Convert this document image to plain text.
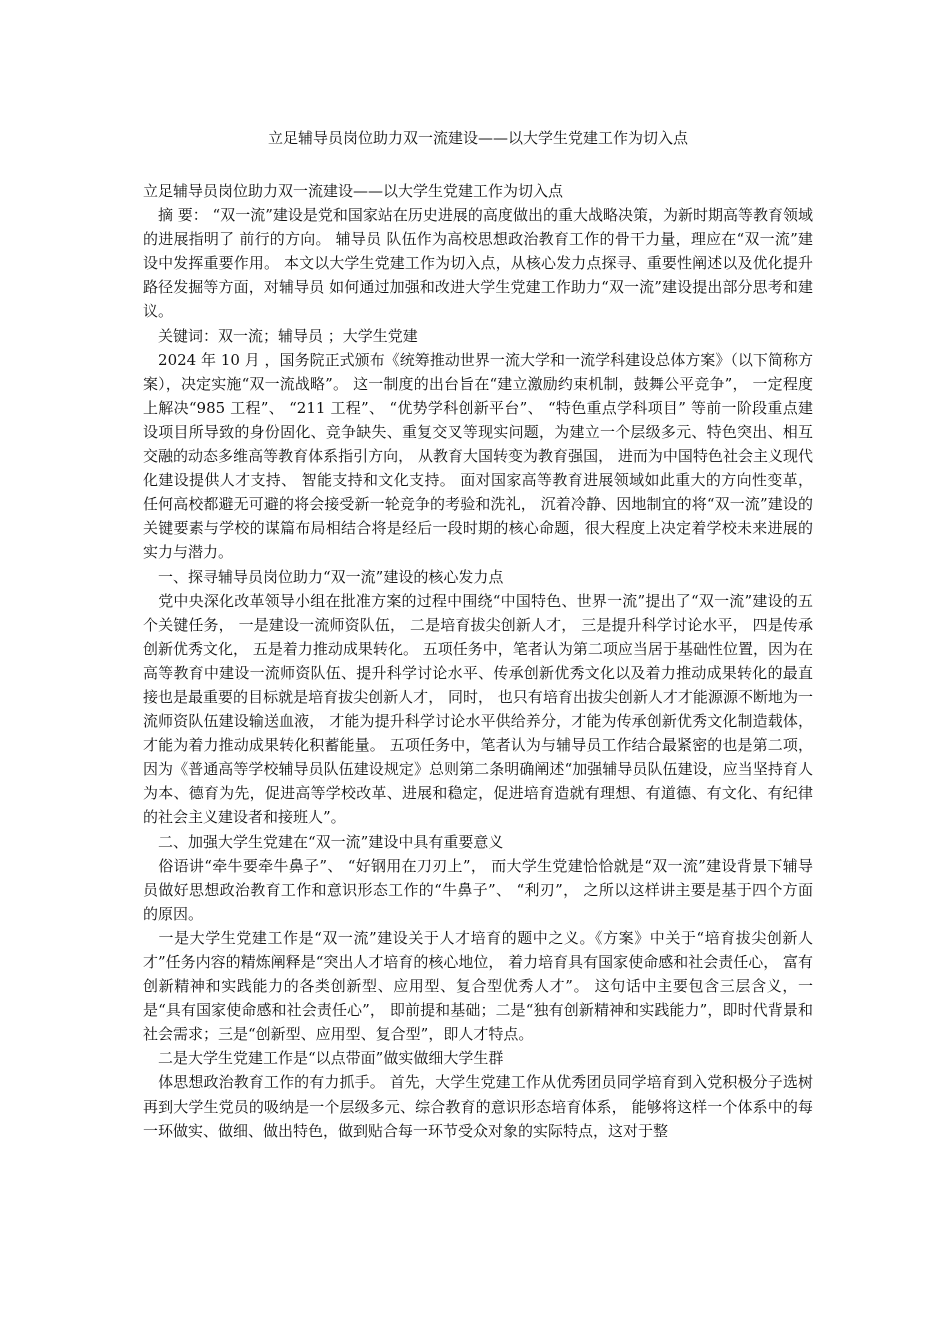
立足辅导员岗位助力双一流建设——以大学生党建工作为切入点
立足辅导员岗位助力双一流建设——以大学生党建工作为切入点
　摘 要： “双一流”建设是党和国家站在历史进展的高度做出的重大战略决策，为新时期高等教育领域的进展指明了 前行的方向。 辅导员 队伍作为高校思想政治教育工作的骨干力量，理应在“双一流”建设中发挥重要作用。 本文以大学生党建工作为切入点，从核心发力点探寻、重要性阐述以及优化提升路径发掘等方面，对辅导员 如何通过加强和改进大学生党建工作助力“双一流”建设提出部分思考和建议。
　关键词：双一流；辅导员 ；大学生党建
　2024 年 10 月 ，国务院正式颁布《统筹推动世界一流大学和一流学科建设总体方案》（以下简称方案），决定实施“双一流战略”。 这一制度的出台旨在“建立激励约束机制，鼓舞公平竞争”， 一定程度上解决“985 工程”、 “211 工程”、 “优势学科创新平台”、 “特色重点学科项目” 等前一阶段重点建设项目所导致的身份固化、竞争缺失、重复交叉等现实问题，为建立一个层级多元、特色突出、相互交融的动态多维高等教育体系指引方向， 从教育大国转变为教育强国， 进而为中国特色社会主义现代化建设提供人才支持、 智能支持和文化支持。 面对国家高等教育进展领域如此重大的方向性变革， 任何高校都避无可避的将会接受新一轮竞争的考验和洗礼， 沉着冷静、因地制宜的将“双一流”建设的关键要素与学校的谋篇布局相结合将是经后一段时期的核心命题，很大程度上决定着学校未来进展的实力与潜力。
　一、探寻辅导员岗位助力“双一流”建设的核心发力点
　党中央深化改革领导小组在批准方案的过程中围绕“中国特色、世界一流”提出了“双一流”建设的五个关键任务， 一是建设一流师资队伍， 二是培育拔尖创新人才， 三是提升科学讨论水平， 四是传承创新优秀文化， 五是着力推动成果转化。 五项任务中，笔者认为第二项应当居于基础性位置，因为在高等教育中建设一流师资队伍、提升科学讨论水平、传承创新优秀文化以及着力推动成果转化的最直接也是最重要的目标就是培育拔尖创新人才， 同时， 也只有培育出拔尖创新人才才能源源不断地为一流师资队伍建设输送血液， 才能为提升科学讨论水平供给养分，才能为传承创新优秀文化制造载体，才能为着力推动成果转化积蓄能量。 五项任务中，笔者认为与辅导员工作结合最紧密的也是第二项， 因为《普通高等学校辅导员队伍建设规定》总则第二条明确阐述“加强辅导员队伍建设，应当坚持育人为本、德育为先，促进高等学校改革、进展和稳定，促进培育造就有理想、有道德、有文化、有纪律的社会主义建设者和接班人”。
　二、加强大学生党建在“双一流”建设中具有重要意义
　俗语讲“牵牛要牵牛鼻子”、 “好钢用在刀刃上”， 而大学生党建恰恰就是“双一流”建设背景下辅导员做好思想政治教育工作和意识形态工作的“牛鼻子”、 “利刃”， 之所以这样讲主要是基于四个方面的原因。
　一是大学生党建工作是“双一流”建设关于人才培育的题中之义。《方案》中关于“培育拔尖创新人才”任务内容的精炼阐释是“突出人才培育的核心地位， 着力培育具有国家使命感和社会责任心， 富有创新精神和实践能力的各类创新型、应用型、复合型优秀人才”。 这句话中主要包含三层含义，一是“具有国家使命感和社会责任心”， 即前提和基础；二是“独有创新精神和实践能力”，即时代背景和社会需求；三是“创新型、应用型、复合型”，即人才特点。
　二是大学生党建工作是“以点带面”做实做细大学生群
　体思想政治教育工作的有力抓手。 首先，大学生党建工作从优秀团员同学培育到入党积极分子选树再到大学生党员的吸纳是一个层级多元、综合教育的意识形态培育体系， 能够将这样一个体系中的每一环做实、做细、做出特色，做到贴合每一环节受众对象的实际特点，这对于整
